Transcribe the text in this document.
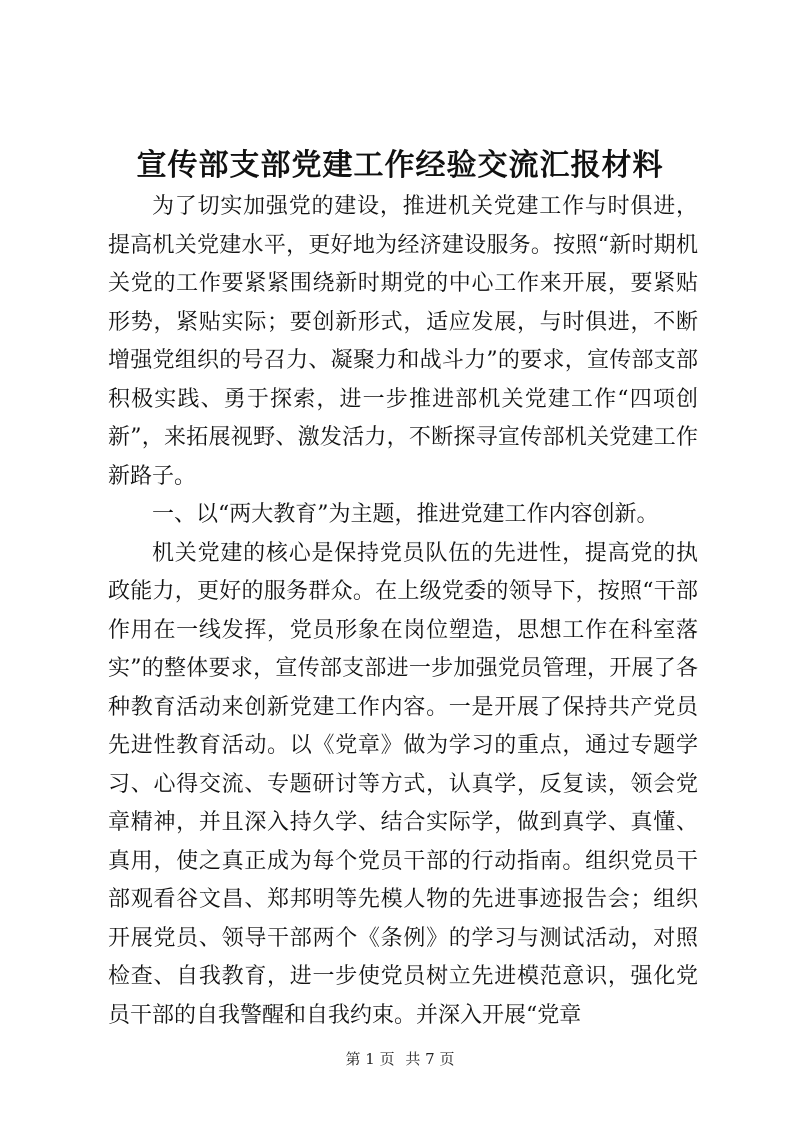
宣传部支部党建工作经验交流汇报材料

为了切实加强党的建设，推进机关党建工作与时俱进，提高机关党建水平，更好地为经济建设服务。按照“新时期机关党的工作要紧紧围绕新时期党的中心工作来开展，要紧贴形势，紧贴实际；要创新形式，适应发展，与时俱进，不断增强党组织的号召力、凝聚力和战斗力”的要求，宣传部支部积极实践、勇于探索，进一步推进部机关党建工作“四项创新”，来拓展视野、激发活力，不断探寻宣传部机关党建工作新路子。

一、以“两大教育”为主题，推进党建工作内容创新。

机关党建的核心是保持党员队伍的先进性，提高党的执政能力，更好的服务群众。在上级党委的领导下，按照“干部作用在一线发挥，党员形象在岗位塑造，思想工作在科室落实”的整体要求，宣传部支部进一步加强党员管理，开展了各种教育活动来创新党建工作内容。一是开展了保持共产党员先进性教育活动。以《党章》做为学习的重点，通过专题学习、心得交流、专题研讨等方式，认真学，反复读，领会党章精神，并且深入持久学、结合实际学，做到真学、真懂、真用，使之真正成为每个党员干部的行动指南。组织党员干部观看谷文昌、郑邦明等先模人物的先进事迹报告会；组织开展党员、领导干部两个《条例》的学习与测试活动，对照检查、自我教育，进一步使党员树立先进模范意识，强化党员干部的自我警醒和自我约束。并深入开展“党章

第 1 页 共 7 页
